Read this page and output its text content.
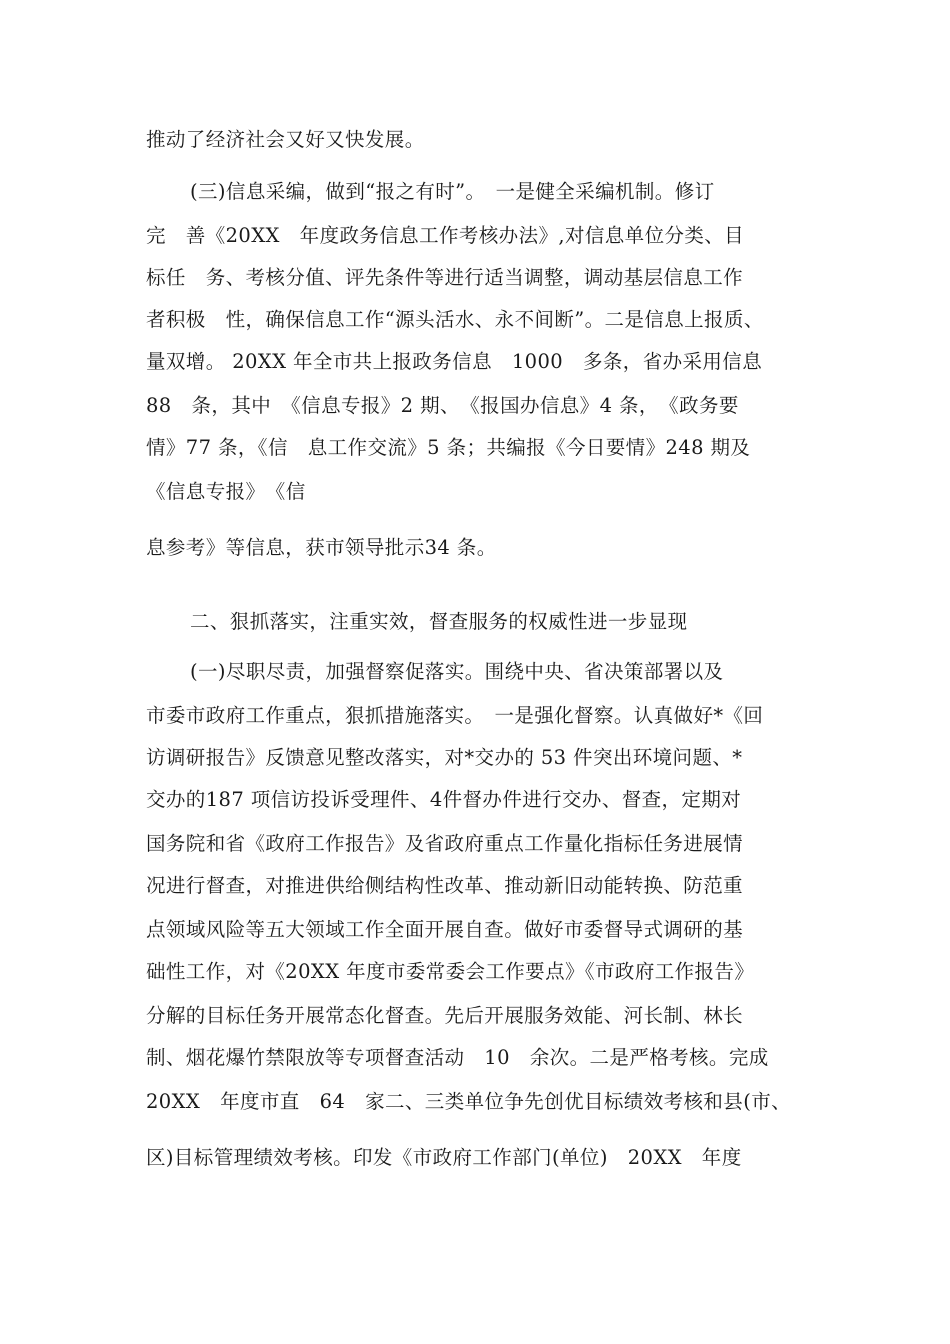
推动了经济社会又好又快发展。
(三)信息采编，做到“报之有时”。　一是健全采编机制。修订
完　善《20XX　年度政务信息工作考核办法》,对信息单位分类、目
标任　务、考核分值、评先条件等进行适当调整，调动基层信息工作
者积极　性，确保信息工作“源头活水、永不间断”。二是信息上报质、
量双增。 20XX 年全市共上报政务信息　1000　多条，省办采用信息
88　条，其中　《信息专报》2 期、　《报国办信息》4 条，　《政务要
情》77 条，《信　息工作交流》5 条；共编报《今日要情》248 期及
《信息专报》　《信
息参考》等信息，获市领导批示34 条。
二、狠抓落实，注重实效，督查服务的权威性进一步显现
(一)尽职尽责，加强督察促落实。围绕中央、省决策部署以及
市委市政府工作重点，狠抓措施落实。　一是强化督察。认真做好*《回
访调研报告》反馈意见整改落实，对*交办的 53 件突出环境问题、*
交办的187 项信访投诉受理件、4件督办件进行交办、督查，定期对
国务院和省《政府工作报告》及省政府重点工作量化指标任务进展情
况进行督查，对推进供给侧结构性改革、推动新旧动能转换、防范重
点领域风险等五大领域工作全面开展自查。做好市委督导式调研的基
础性工作，对《20XX 年度市委常委会工作要点》《市政府工作报告》
分解的目标任务开展常态化督查。先后开展服务效能、河长制、林长
制、烟花爆竹禁限放等专项督查活动　10　余次。二是严格考核。完成
20XX　年度市直　64　家二、三类单位争先创优目标绩效考核和县(市、
区)目标管理绩效考核。印发《市政府工作部门(单位)　20XX　年度
